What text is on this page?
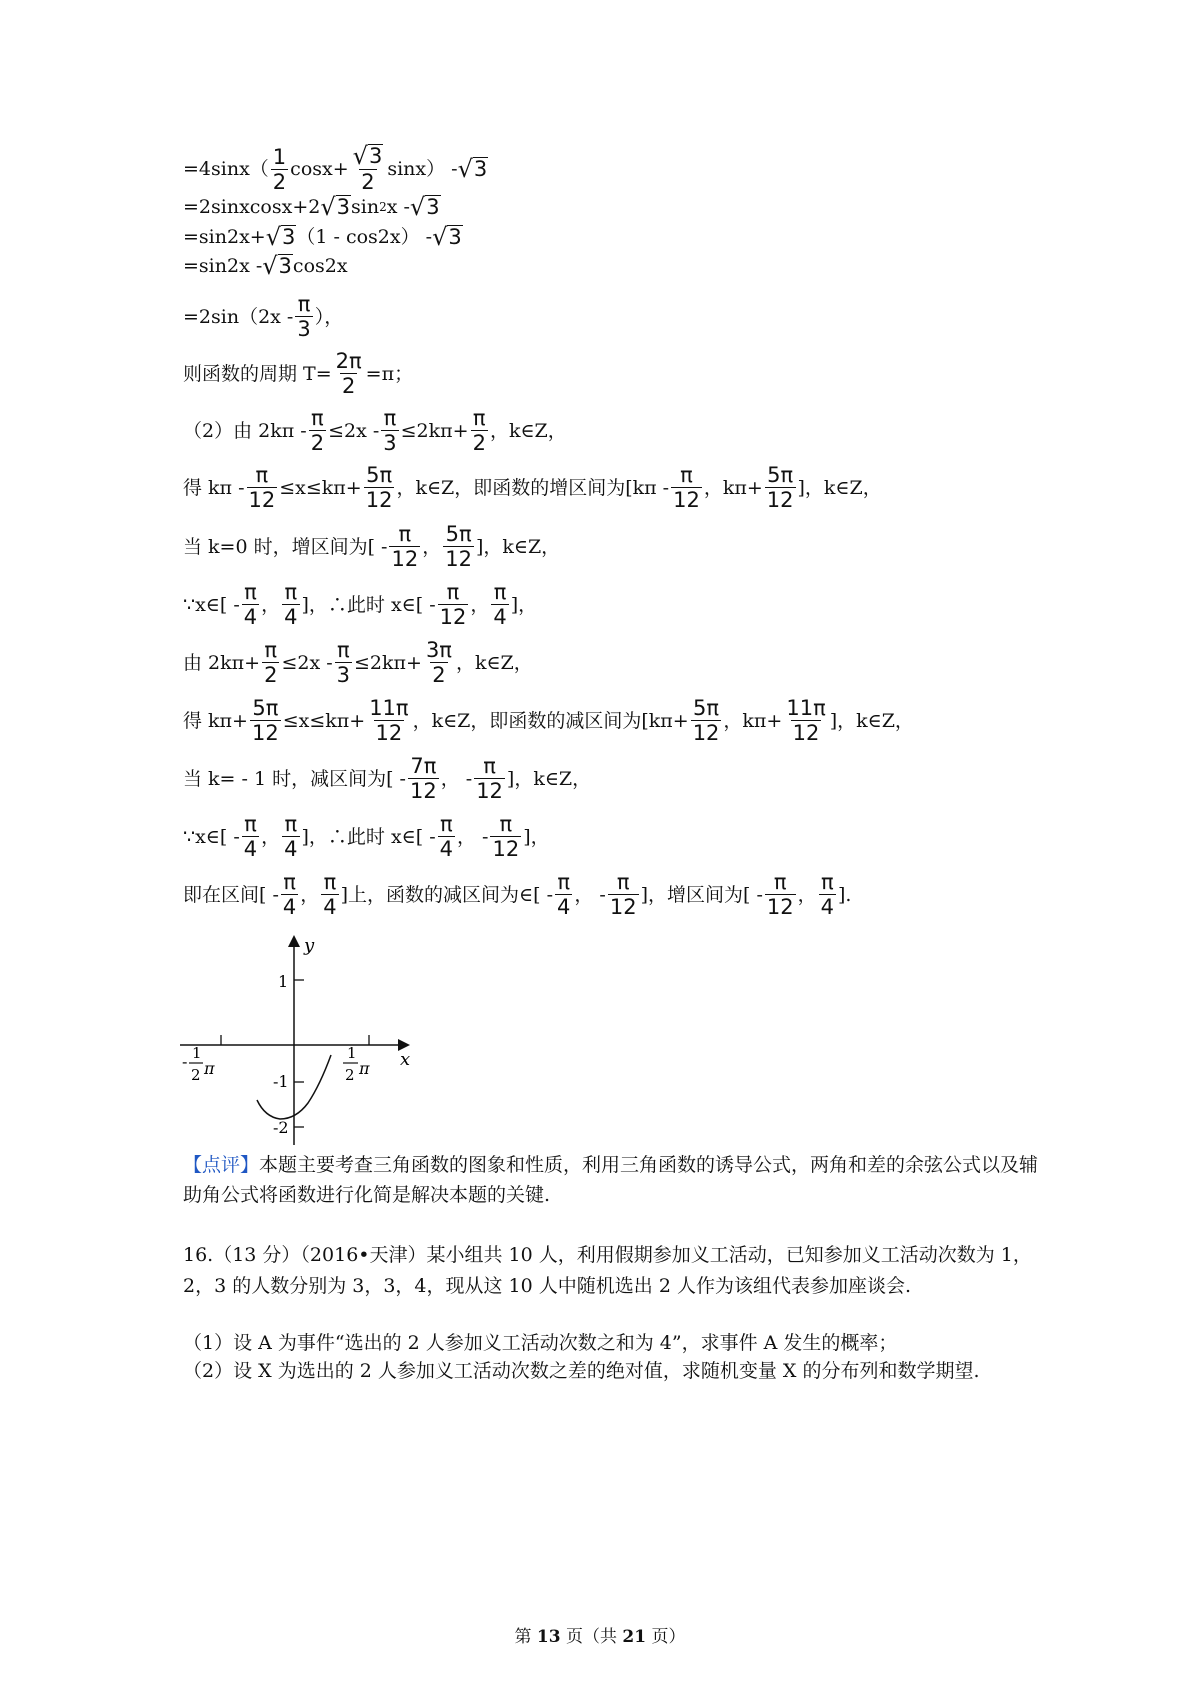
$=4\sin x( \frac{1}{2} \cos x+ \frac{√ 3}{2} \sin x)$ - √ 3
=2sinxcosx+2 √ 3 sin 2 x - √ 3
=sin2x+ √ 3 （1 - cos2x） - √ 3
=sin2x - √ 3 cos2x
$=2\sin(2x - \frac{\pi}{3}$ ），
则函数的周期 $T= \frac{2\pi}{2} =\pi$；
（2）由 $2k\pi - \frac{\pi}{2} \le 2x - \frac{\pi}{3} \le 2k\pi+ \frac{\pi}{2}$ ，k∈Z，
得 $k\pi - \frac{\pi}{12} \le x\le k\pi+ \frac{5\pi}{12}$ ，k∈Z，即函数的增区间为[$k\pi - \frac{\pi}{12}$ ，$k\pi+ \frac{5\pi}{12}$ ]，k∈Z，
当 k=0 时，增区间为[ - $\frac{\pi}{12}$ ， $\frac{5\pi}{12}$ ]，k∈Z，
∵x∈[ - $\frac{\pi}{4}$ ， $\frac{\pi}{4}$ ]，∴此时 x∈[ - $\frac{\pi}{12}$ ， $\frac{\pi}{4}$ ]，
由 $2k\pi+ \frac{\pi}{2} \le 2x - \frac{\pi}{3} \le 2k\pi+ \frac{3\pi}{2}$ ，k∈Z，
得 $k\pi+ \frac{5\pi}{12} \le x\le k\pi+ \frac{11\pi}{12}$ ，k∈Z，即函数的减区间为[$k\pi+ \frac{5\pi}{12}$ ，$k\pi+ \frac{11\pi}{12}$ ]，k∈Z，
当 k= - 1 时，减区间为[ - $\frac{7\pi}{12}$ ， - $\frac{\pi}{12}$ ]，k∈Z，
∵x∈[ - $\frac{\pi}{4}$ ， $\frac{\pi}{4}$ ]，∴此时 x∈[ - $\frac{\pi}{4}$ ， - $\frac{\pi}{12}$ ]，
即在区间[ - $\frac{\pi}{4}$ ， $\frac{\pi}{4}$ ]上，函数的减区间为∈[ - $\frac{\pi}{4}$ ， - $\frac{\pi}{12}$ ]，增区间为[ - $\frac{\pi}{12}$ ， $\frac{\pi}{4}$ ].
y
x
1
-1
-2
- 1
2 π
1
2 π
【点评】本题主要考查三角函数的图象和性质，利用三角函数的诱导公式，两角和差的余弦公式以及辅助角公式将函数进行化简是解决本题的关键.
16.（13 分）（2016•天津）某小组共 10 人，利用假期参加义工活动，已知参加义工活动次数为 1，2，3 的人数分别为 3，3，4，现从这 10 人中随机选出 2 人作为该组代表参加座谈会.
（1）设 A 为事件“选出的 2 人参加义工活动次数之和为 4”，求事件 A 发生的概率；
（2）设 X 为选出的 2 人参加义工活动次数之差的绝对值，求随机变量 X 的分布列和数学期望.
第 13 页（共 21 页）
